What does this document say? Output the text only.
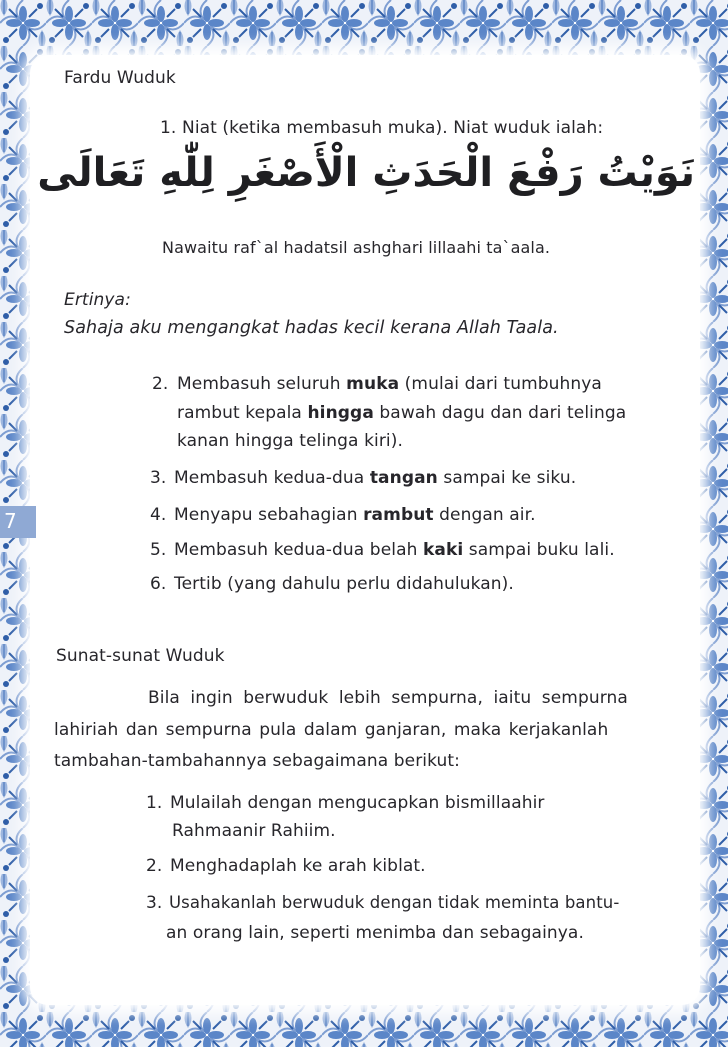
7
Fardu Wuduk
1. Niat (ketika membasuh muka). Niat wuduk ialah:
نَوَيْتُ رَفْعَ الْحَدَثِ الْأَصْغَرِ لِلّٰهِ تَعَالَى
Nawaitu raf`al hadatsil ashghari lillaahi ta`aala.
Ertinya:
Sahaja aku mengangkat hadas kecil kerana Allah Taala.
2. Membasuh seluruh muka (mulai dari tumbuhnya
rambut kepala hingga bawah dagu dan dari telinga
kanan hingga telinga kiri).
3. Membasuh kedua-dua tangan sampai ke siku.
4. Menyapu sebahagian rambut dengan air.
5. Membasuh kedua-dua belah kaki sampai buku lali.
6. Tertib (yang dahulu perlu didahulukan).
Sunat-sunat Wuduk
Bila ingin berwuduk lebih sempurna, iaitu sempurna
lahiriah dan sempurna pula dalam ganjaran, maka kerjakanlah
tambahan-tambahannya sebagaimana berikut:
1. Mulailah dengan mengucapkan bismillaahir
Rahmaanir Rahiim.
2. Menghadaplah ke arah kiblat.
3. Usahakanlah berwuduk dengan tidak meminta bantu-
an orang lain, seperti menimba dan sebagainya.
